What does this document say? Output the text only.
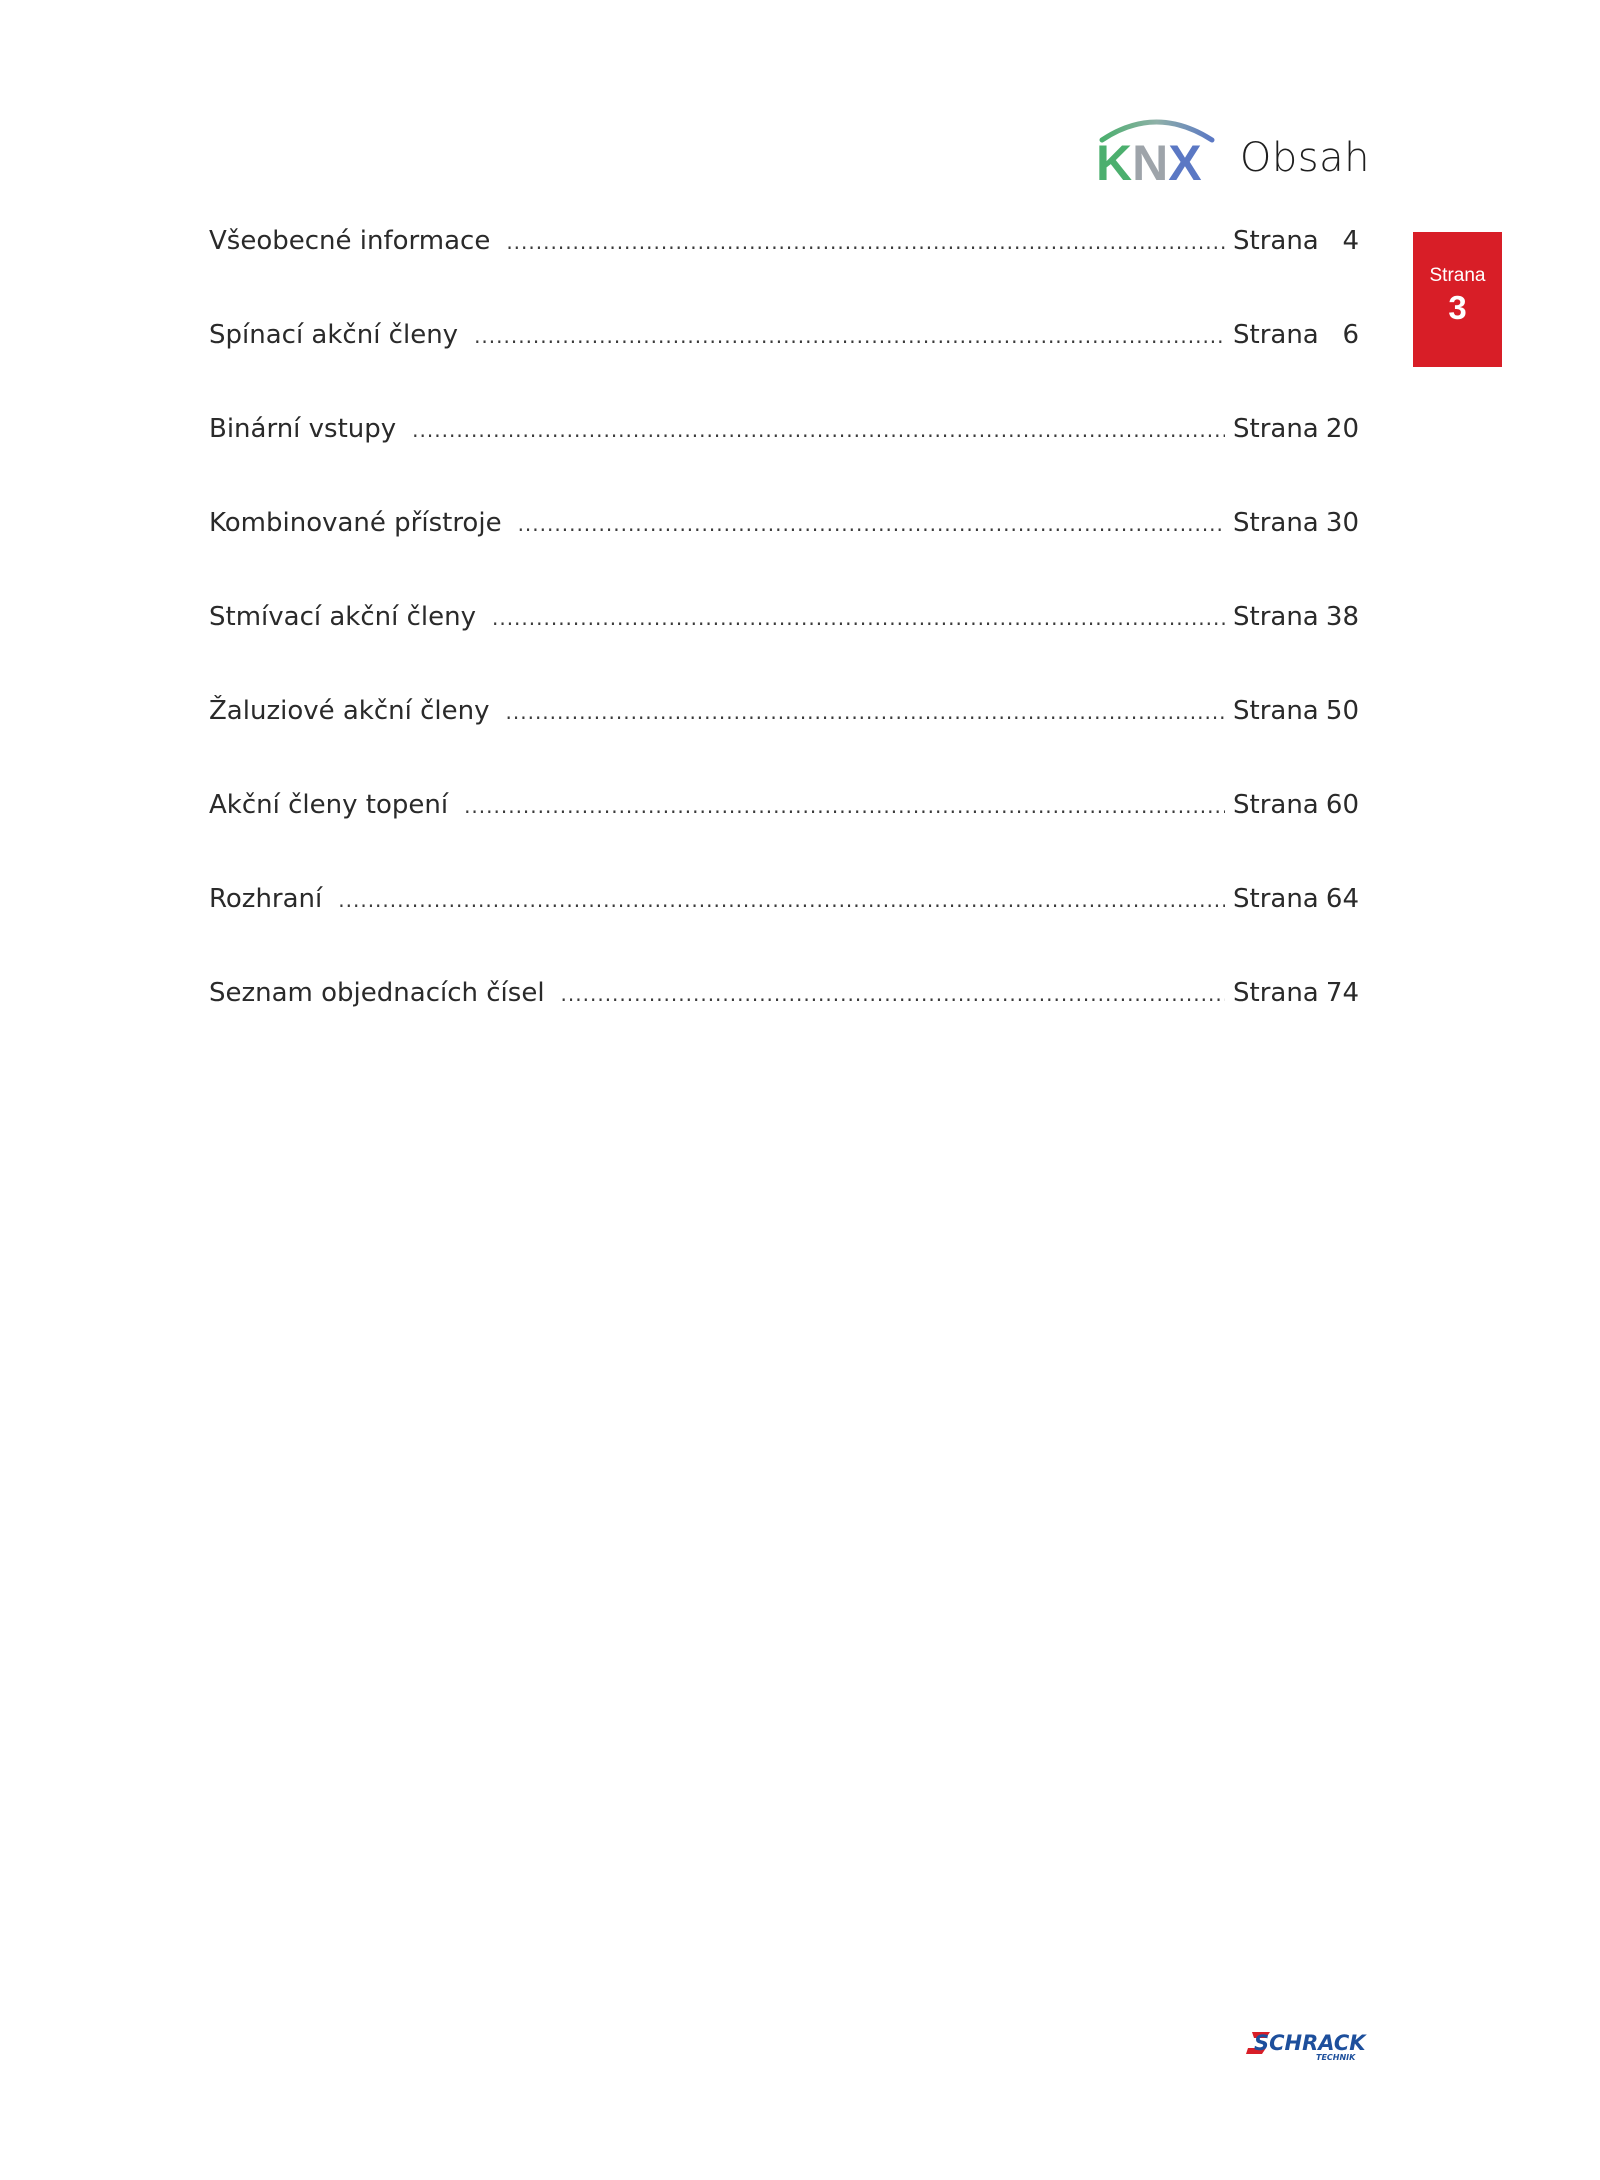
KNX Obsah
Strana
3
Všeobecné informace .....	Strana 4
Spínací akční členy .....	Strana 6
Binární vstupy .....	Strana 20
Kombinované přístroje .....	Strana 30
Stmívací akční členy .....	Strana 38
Žaluziové akční členy .....	Strana 50
Akční členy topení .....	Strana 60
Rozhraní .....	Strana 64
Seznam objednacích čísel .....	Strana 74
SCHRACK
TECHNIK
